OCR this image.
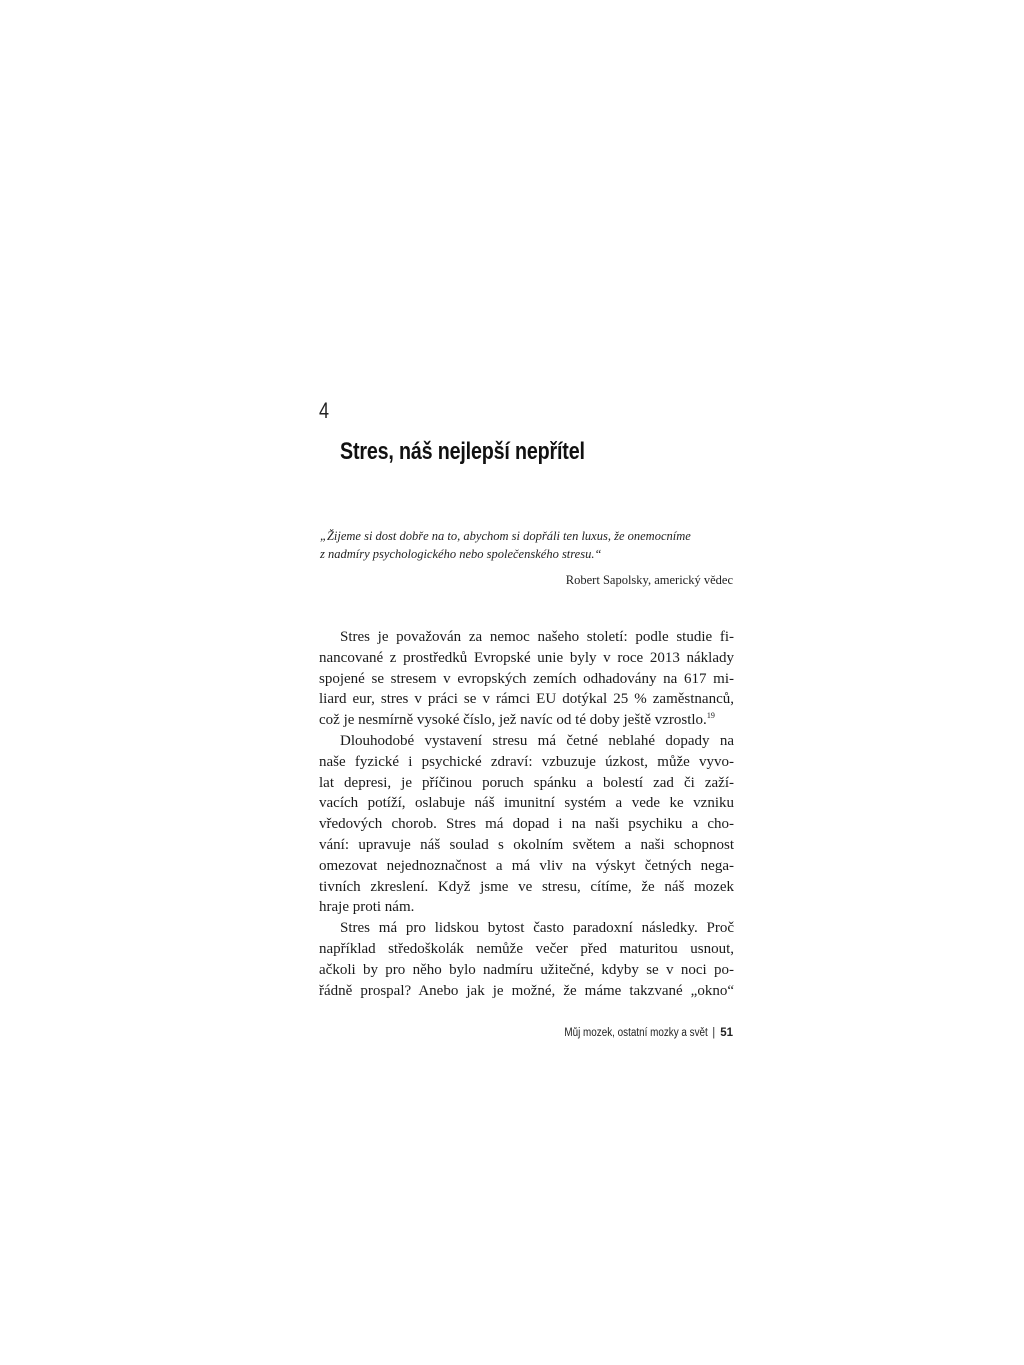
4
Stres, náš nejlepší nepřítel
„Žijeme si dost dobře na to, abychom si dopřáli ten luxus, že onemocníme
z nadmíry psychologického nebo společenského stresu.“
Robert Sapolsky, americký vědec
Stres je považován za nemoc našeho století: podle studie fi-
nancované z prostředků Evropské unie byly v roce 2013 náklady
spojené se stresem v evropských zemích odhadovány na 617 mi-
liard eur, stres v práci se v rámci EU dotýkal 25 % zaměstnanců,
což je nesmírně vysoké číslo, jež navíc od té doby ještě vzrostlo.$^{19}$
Dlouhodobé vystavení stresu má četné neblahé dopady na
naše fyzické i psychické zdraví: vzbuzuje úzkost, může vyvo-
lat depresi, je příčinou poruch spánku a bolestí zad či zaží-
vacích potíží, oslabuje náš imunitní systém a vede ke vzniku
vředových chorob. Stres má dopad i na naši psychiku a cho-
vání: upravuje náš soulad s okolním světem a naši schopnost
omezovat nejednoznačnost a má vliv na výskyt četných nega-
tivních zkreslení. Když jsme ve stresu, cítíme, že náš mozek
hraje proti nám.
Stres má pro lidskou bytost často paradoxní následky. Proč
například středoškolák nemůže večer před maturitou usnout,
ačkoli by pro něho bylo nadmíru užitečné, kdyby se v noci po-
řádně prospal? Anebo jak je možné, že máme takzvané „okno“
Můj mozek, ostatní mozky a svět | 51
